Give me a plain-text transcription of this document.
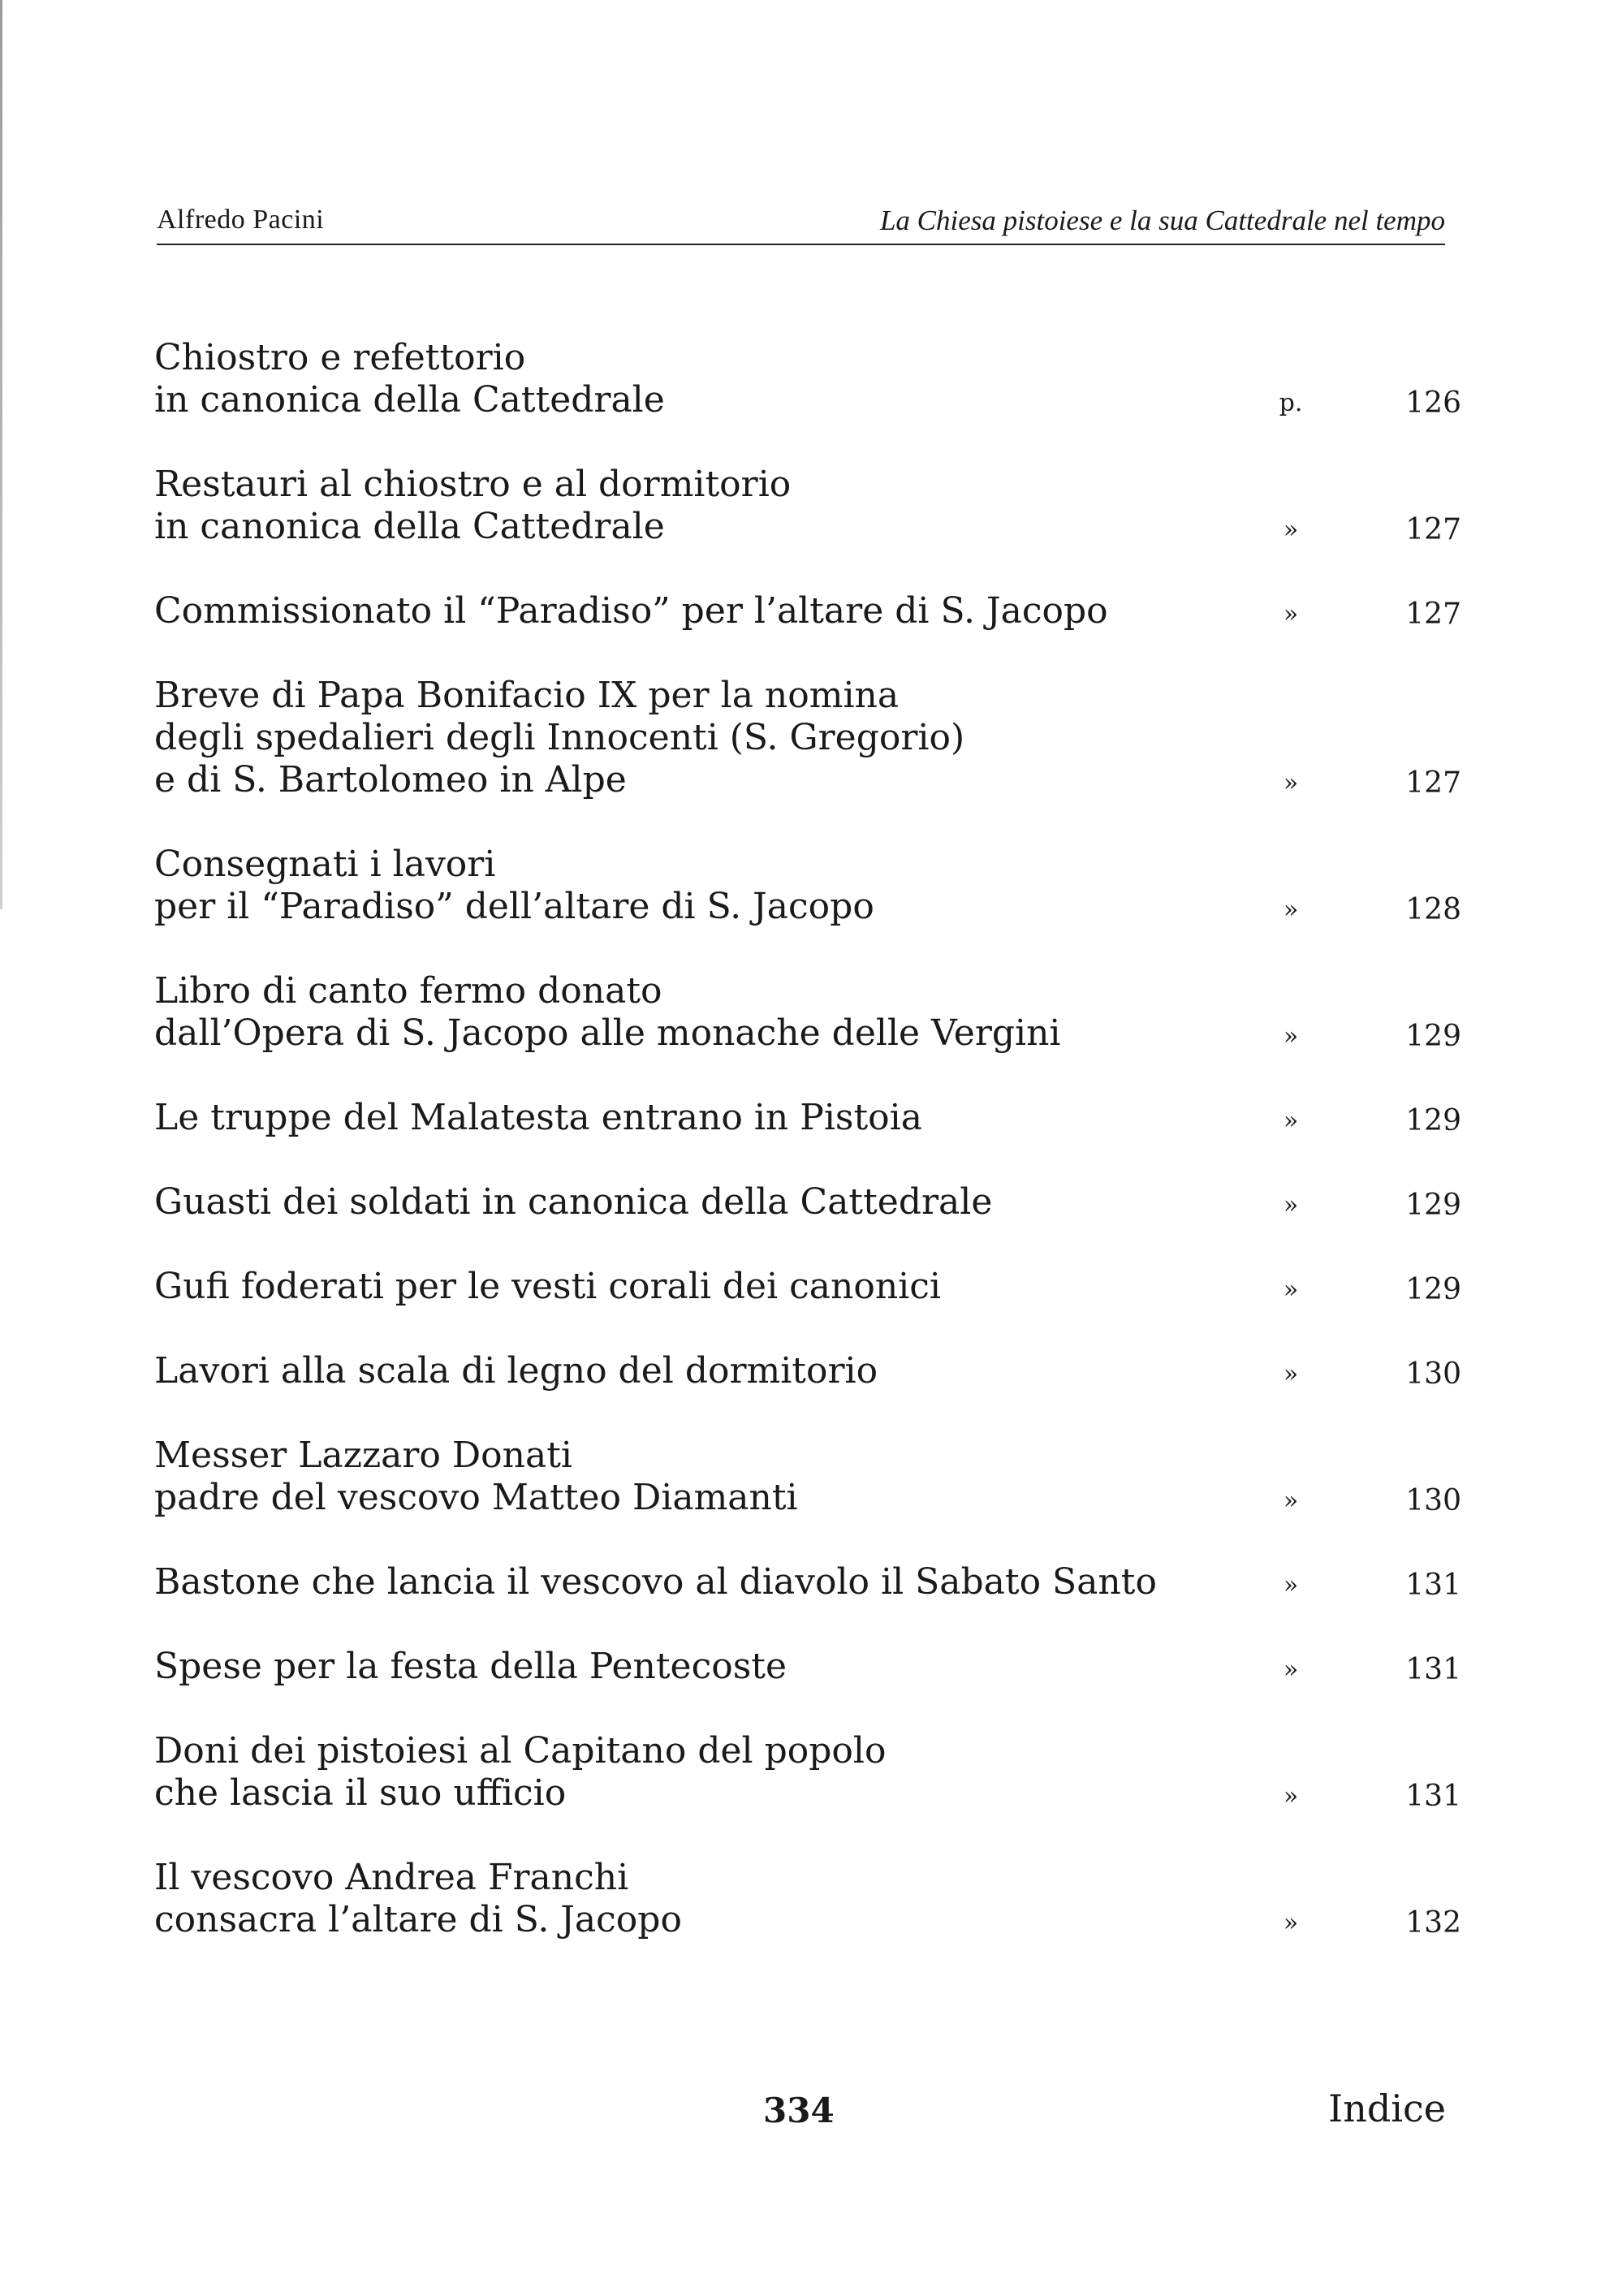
Alfredo Pacini	La Chiesa pistoiese e la sua Cattedrale nel tempo
Chiostro e refettorio
in canonica della Cattedrale	p.	126
Restauri al chiostro e al dormitorio
in canonica della Cattedrale	»	127
Commissionato il “Paradiso” per l’altare di S. Jacopo	»	127
Breve di Papa Bonifacio IX per la nomina
degli spedalieri degli Innocenti (S. Gregorio)
e di S. Bartolomeo in Alpe	»	127
Consegnati i lavori
per il “Paradiso” dell’altare di S. Jacopo	»	128
Libro di canto fermo donato
dall’Opera di S. Jacopo alle monache delle Vergini	»	129
Le truppe del Malatesta entrano in Pistoia	»	129
Guasti dei soldati in canonica della Cattedrale	»	129
Gufi foderati per le vesti corali dei canonici	»	129
Lavori alla scala di legno del dormitorio	»	130
Messer Lazzaro Donati
padre del vescovo Matteo Diamanti	»	130
Bastone che lancia il vescovo al diavolo il Sabato Santo	»	131
Spese per la festa della Pentecoste	»	131
Doni dei pistoiesi al Capitano del popolo
che lascia il suo ufficio	»	131
Il vescovo Andrea Franchi
consacra l’altare di S. Jacopo	»	132
334	Indice
